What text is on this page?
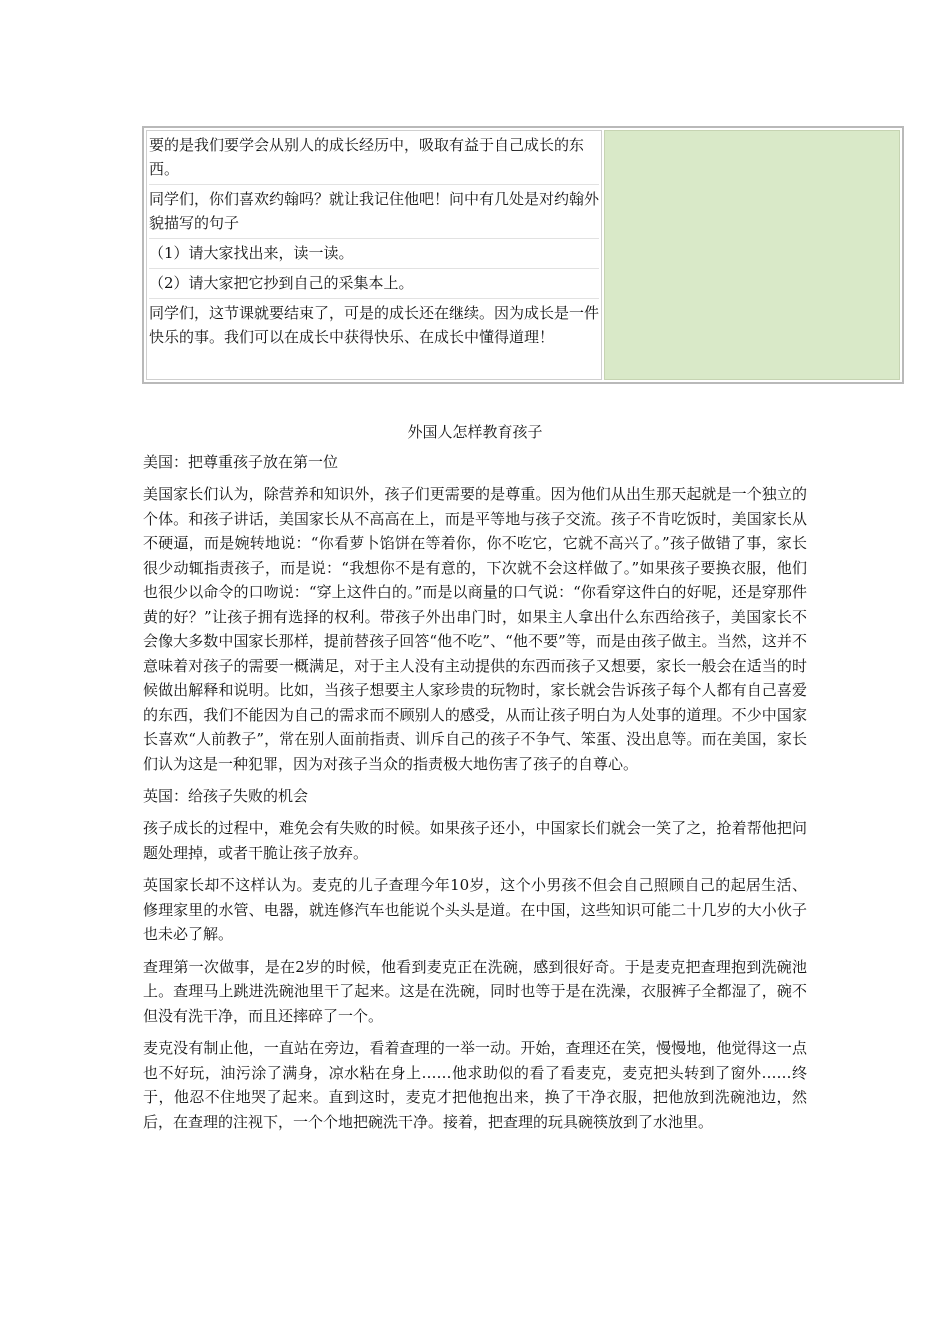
要的是我们要学会从别人的成长经历中，吸取有益于自己成长的东西。
同学们，你们喜欢约翰吗？就让我记住他吧！问中有几处是对约翰外貌描写的句子
（1）请大家找出来，读一读。
（2）请大家把它抄到自己的采集本上。
同学们，这节课就要结束了，可是的成长还在继续。因为成长是一件快乐的事。我们可以在成长中获得快乐、在成长中懂得道理！
外国人怎样教育孩子
美国：把尊重孩子放在第一位

美国家长们认为，除营养和知识外，孩子们更需要的是尊重。因为他们从出生那天起就是一个独立的个体。和孩子讲话，美国家长从不高高在上，而是平等地与孩子交流。孩子不肯吃饭时，美国家长从不硬逼，而是婉转地说：“你看萝卜馅饼在等着你，你不吃它，它就不高兴了。”孩子做错了事，家长很少动辄指责孩子，而是说：“我想你不是有意的，下次就不会这样做了。”如果孩子要换衣服，他们也很少以命令的口吻说：“穿上这件白的。”而是以商量的口气说：“你看穿这件白的好呢，还是穿那件黄的好？”让孩子拥有选择的权利。带孩子外出串门时，如果主人拿出什么东西给孩子，美国家长不会像大多数中国家长那样，提前替孩子回答“他不吃”、“他不要”等，而是由孩子做主。当然，这并不意味着对孩子的需要一概满足，对于主人没有主动提供的东西而孩子又想要，家长一般会在适当的时候做出解释和说明。比如，当孩子想要主人家珍贵的玩物时，家长就会告诉孩子每个人都有自己喜爱的东西，我们不能因为自己的需求而不顾别人的感受，从而让孩子明白为人处事的道理。不少中国家长喜欢“人前教子”，常在别人面前指责、训斥自己的孩子不争气、笨蛋、没出息等。而在美国，家长们认为这是一种犯罪，因为对孩子当众的指责极大地伤害了孩子的自尊心。

英国：给孩子失败的机会

孩子成长的过程中，难免会有失败的时候。如果孩子还小，中国家长们就会一笑了之，抢着帮他把问题处理掉，或者干脆让孩子放弃。

英国家长却不这样认为。麦克的儿子查理今年10岁，这个小男孩不但会自己照顾自己的起居生活、修理家里的水管、电器，就连修汽车也能说个头头是道。在中国，这些知识可能二十几岁的大小伙子也未必了解。

查理第一次做事，是在2岁的时候，他看到麦克正在洗碗，感到很好奇。于是麦克把查理抱到洗碗池上。查理马上跳进洗碗池里干了起来。这是在洗碗，同时也等于是在洗澡，衣服裤子全都湿了，碗不但没有洗干净，而且还摔碎了一个。

麦克没有制止他，一直站在旁边，看着查理的一举一动。开始，查理还在笑，慢慢地，他觉得这一点也不好玩，油污涂了满身，凉水粘在身上……他求助似的看了看麦克，麦克把头转到了窗外……终于，他忍不住地哭了起来。直到这时，麦克才把他抱出来，换了干净衣服，把他放到洗碗池边，然后，在查理的注视下，一个个地把碗洗干净。接着，把查理的玩具碗筷放到了水池里。
